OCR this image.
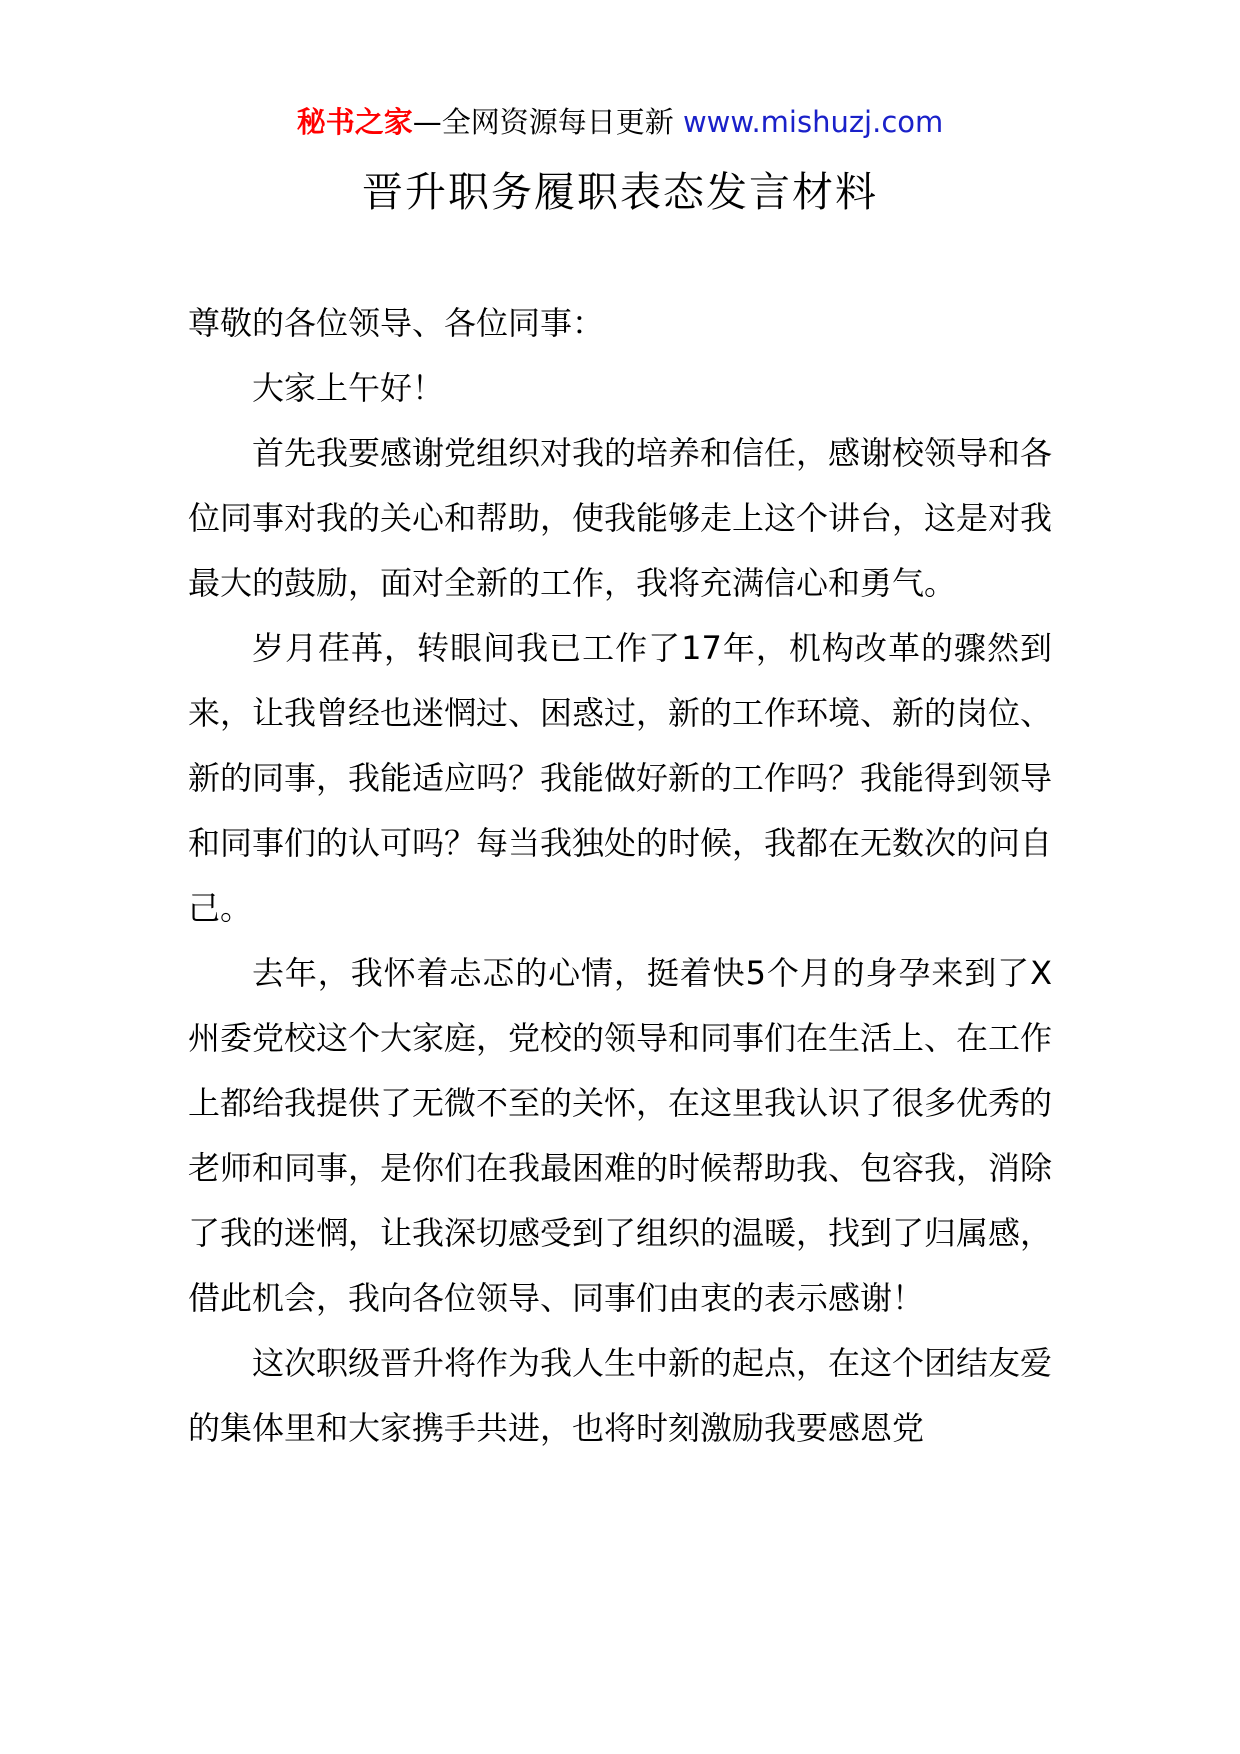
秘书之家—全网资源每日更新 www.mishuzj.com
晋升职务履职表态发言材料

尊敬的各位领导、各位同事：

大家上午好！

首先我要感谢党组织对我的培养和信任，感谢校领导和各位同事对我的关心和帮助，使我能够走上这个讲台，这是对我最大的鼓励，面对全新的工作，我将充满信心和勇气。

岁月荏苒，转眼间我已工作了17年，机构改革的骤然到来，让我曾经也迷惘过、困惑过，新的工作环境、新的岗位、新的同事，我能适应吗？我能做好新的工作吗？我能得到领导和同事们的认可吗？每当我独处的时候，我都在无数次的问自己。

去年，我怀着忐忑的心情，挺着快5个月的身孕来到了X州委党校这个大家庭，党校的领导和同事们在生活上、在工作上都给我提供了无微不至的关怀，在这里我认识了很多优秀的老师和同事，是你们在我最困难的时候帮助我、包容我，消除了我的迷惘，让我深切感受到了组织的温暖，找到了归属感，借此机会，我向各位领导、同事们由衷的表示感谢！

这次职级晋升将作为我人生中新的起点，在这个团结友爱的集体里和大家携手共进，也将时刻激励我要感恩党
